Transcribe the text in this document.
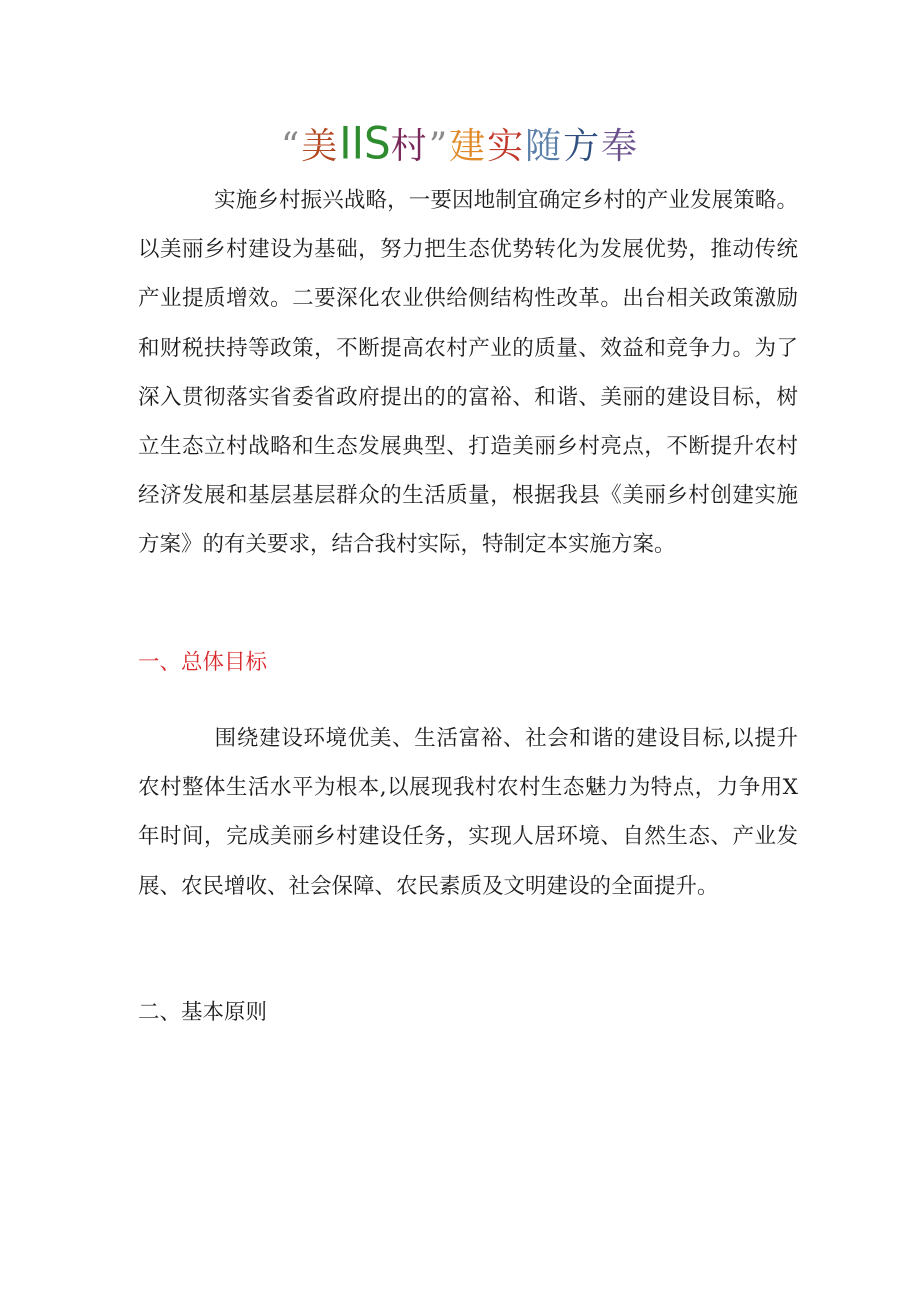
“美IIS村”建实随方奉

实施乡村振兴战略，一要因地制宜确定乡村的产业发展策略。以美丽乡村建设为基础，努力把生态优势转化为发展优势，推动传统产业提质增效。二要深化农业供给侧结构性改革。出台相关政策激励和财税扶持等政策，不断提高农村产业的质量、效益和竞争力。为了深入贯彻落实省委省政府提出的的富裕、和谐、美丽的建设目标，树立生态立村战略和生态发展典型、打造美丽乡村亮点，不断提升农村经济发展和基层基层群众的生活质量，根据我县《美丽乡村创建实施方案》的有关要求，结合我村实际，特制定本实施方案。

一、总体目标

围绕建设环境优美、生活富裕、社会和谐的建设目标,以提升农村整体生活水平为根本,以展现我村农村生态魅力为特点，力争用X年时间，完成美丽乡村建设任务，实现人居环境、自然生态、产业发展、农民增收、社会保障、农民素质及文明建设的全面提升。

二、基本原则
